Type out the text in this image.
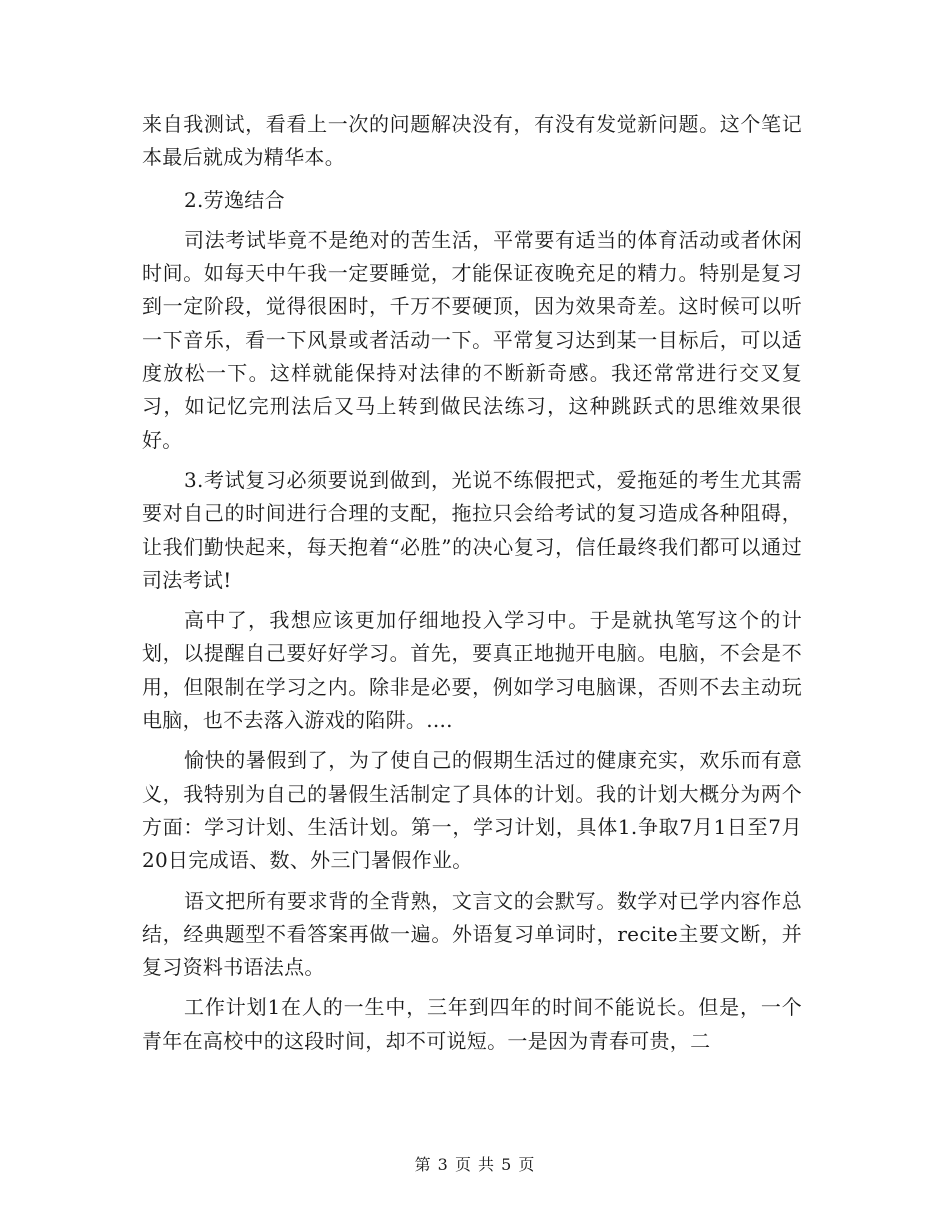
来自我测试，看看上一次的问题解决没有，有没有发觉新问题。这个笔记本最后就成为精华本。

2.劳逸结合

司法考试毕竟不是绝对的苦生活，平常要有适当的体育活动或者休闲时间。如每天中午我一定要睡觉，才能保证夜晚充足的精力。特别是复习到一定阶段，觉得很困时，千万不要硬顶，因为效果奇差。这时候可以听一下音乐，看一下风景或者活动一下。平常复习达到某一目标后，可以适度放松一下。这样就能保持对法律的不断新奇感。我还常常进行交叉复习，如记忆完刑法后又马上转到做民法练习，这种跳跃式的思维效果很好。

3.考试复习必须要说到做到，光说不练假把式，爱拖延的考生尤其需要对自己的时间进行合理的支配，拖拉只会给考试的复习造成各种阻碍，让我们勤快起来，每天抱着“必胜”的决心复习，信任最终我们都可以通过司法考试!

高中了，我想应该更加仔细地投入学习中。于是就执笔写这个的计划，以提醒自己要好好学习。首先，要真正地抛开电脑。电脑，不会是不用，但限制在学习之内。除非是必要，例如学习电脑课，否则不去主动玩电脑，也不去落入游戏的陷阱。....

愉快的暑假到了，为了使自己的假期生活过的健康充实，欢乐而有意义，我特别为自己的暑假生活制定了具体的计划。我的计划大概分为两个方面：学习计划、生活计划。第一，学习计划，具体1.争取7月1日至7月20日完成语、数、外三门暑假作业。

语文把所有要求背的全背熟，文言文的会默写。数学对已学内容作总结，经典题型不看答案再做一遍。外语复习单词时，recite主要文断，并复习资料书语法点。

工作计划1在人的一生中，三年到四年的时间不能说长。但是，一个青年在高校中的这段时间，却不可说短。一是因为青春可贵，二

第 3 页 共 5 页
